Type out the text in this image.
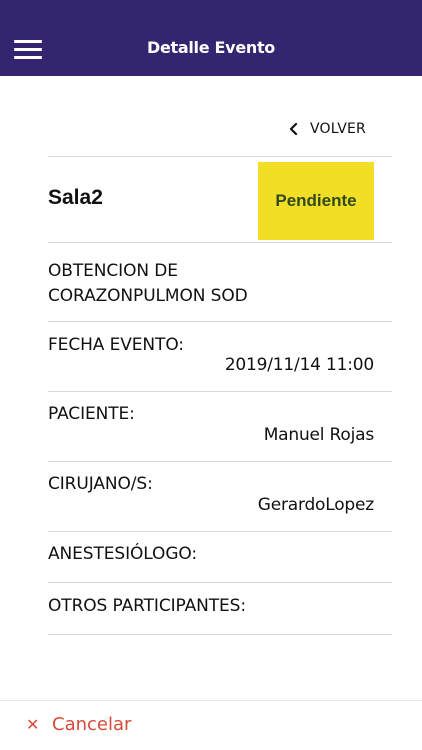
Detalle Evento
VOLVER
Sala2	Pendiente
OBTENCION DE
CORAZONPULMON SOD
FECHA EVENTO:
2019/11/14 11:00
PACIENTE:
Manuel Rojas
CIRUJANO/S:
GerardoLopez
ANESTESIÓLOGO:
OTROS PARTICIPANTES:
✕ Cancelar
